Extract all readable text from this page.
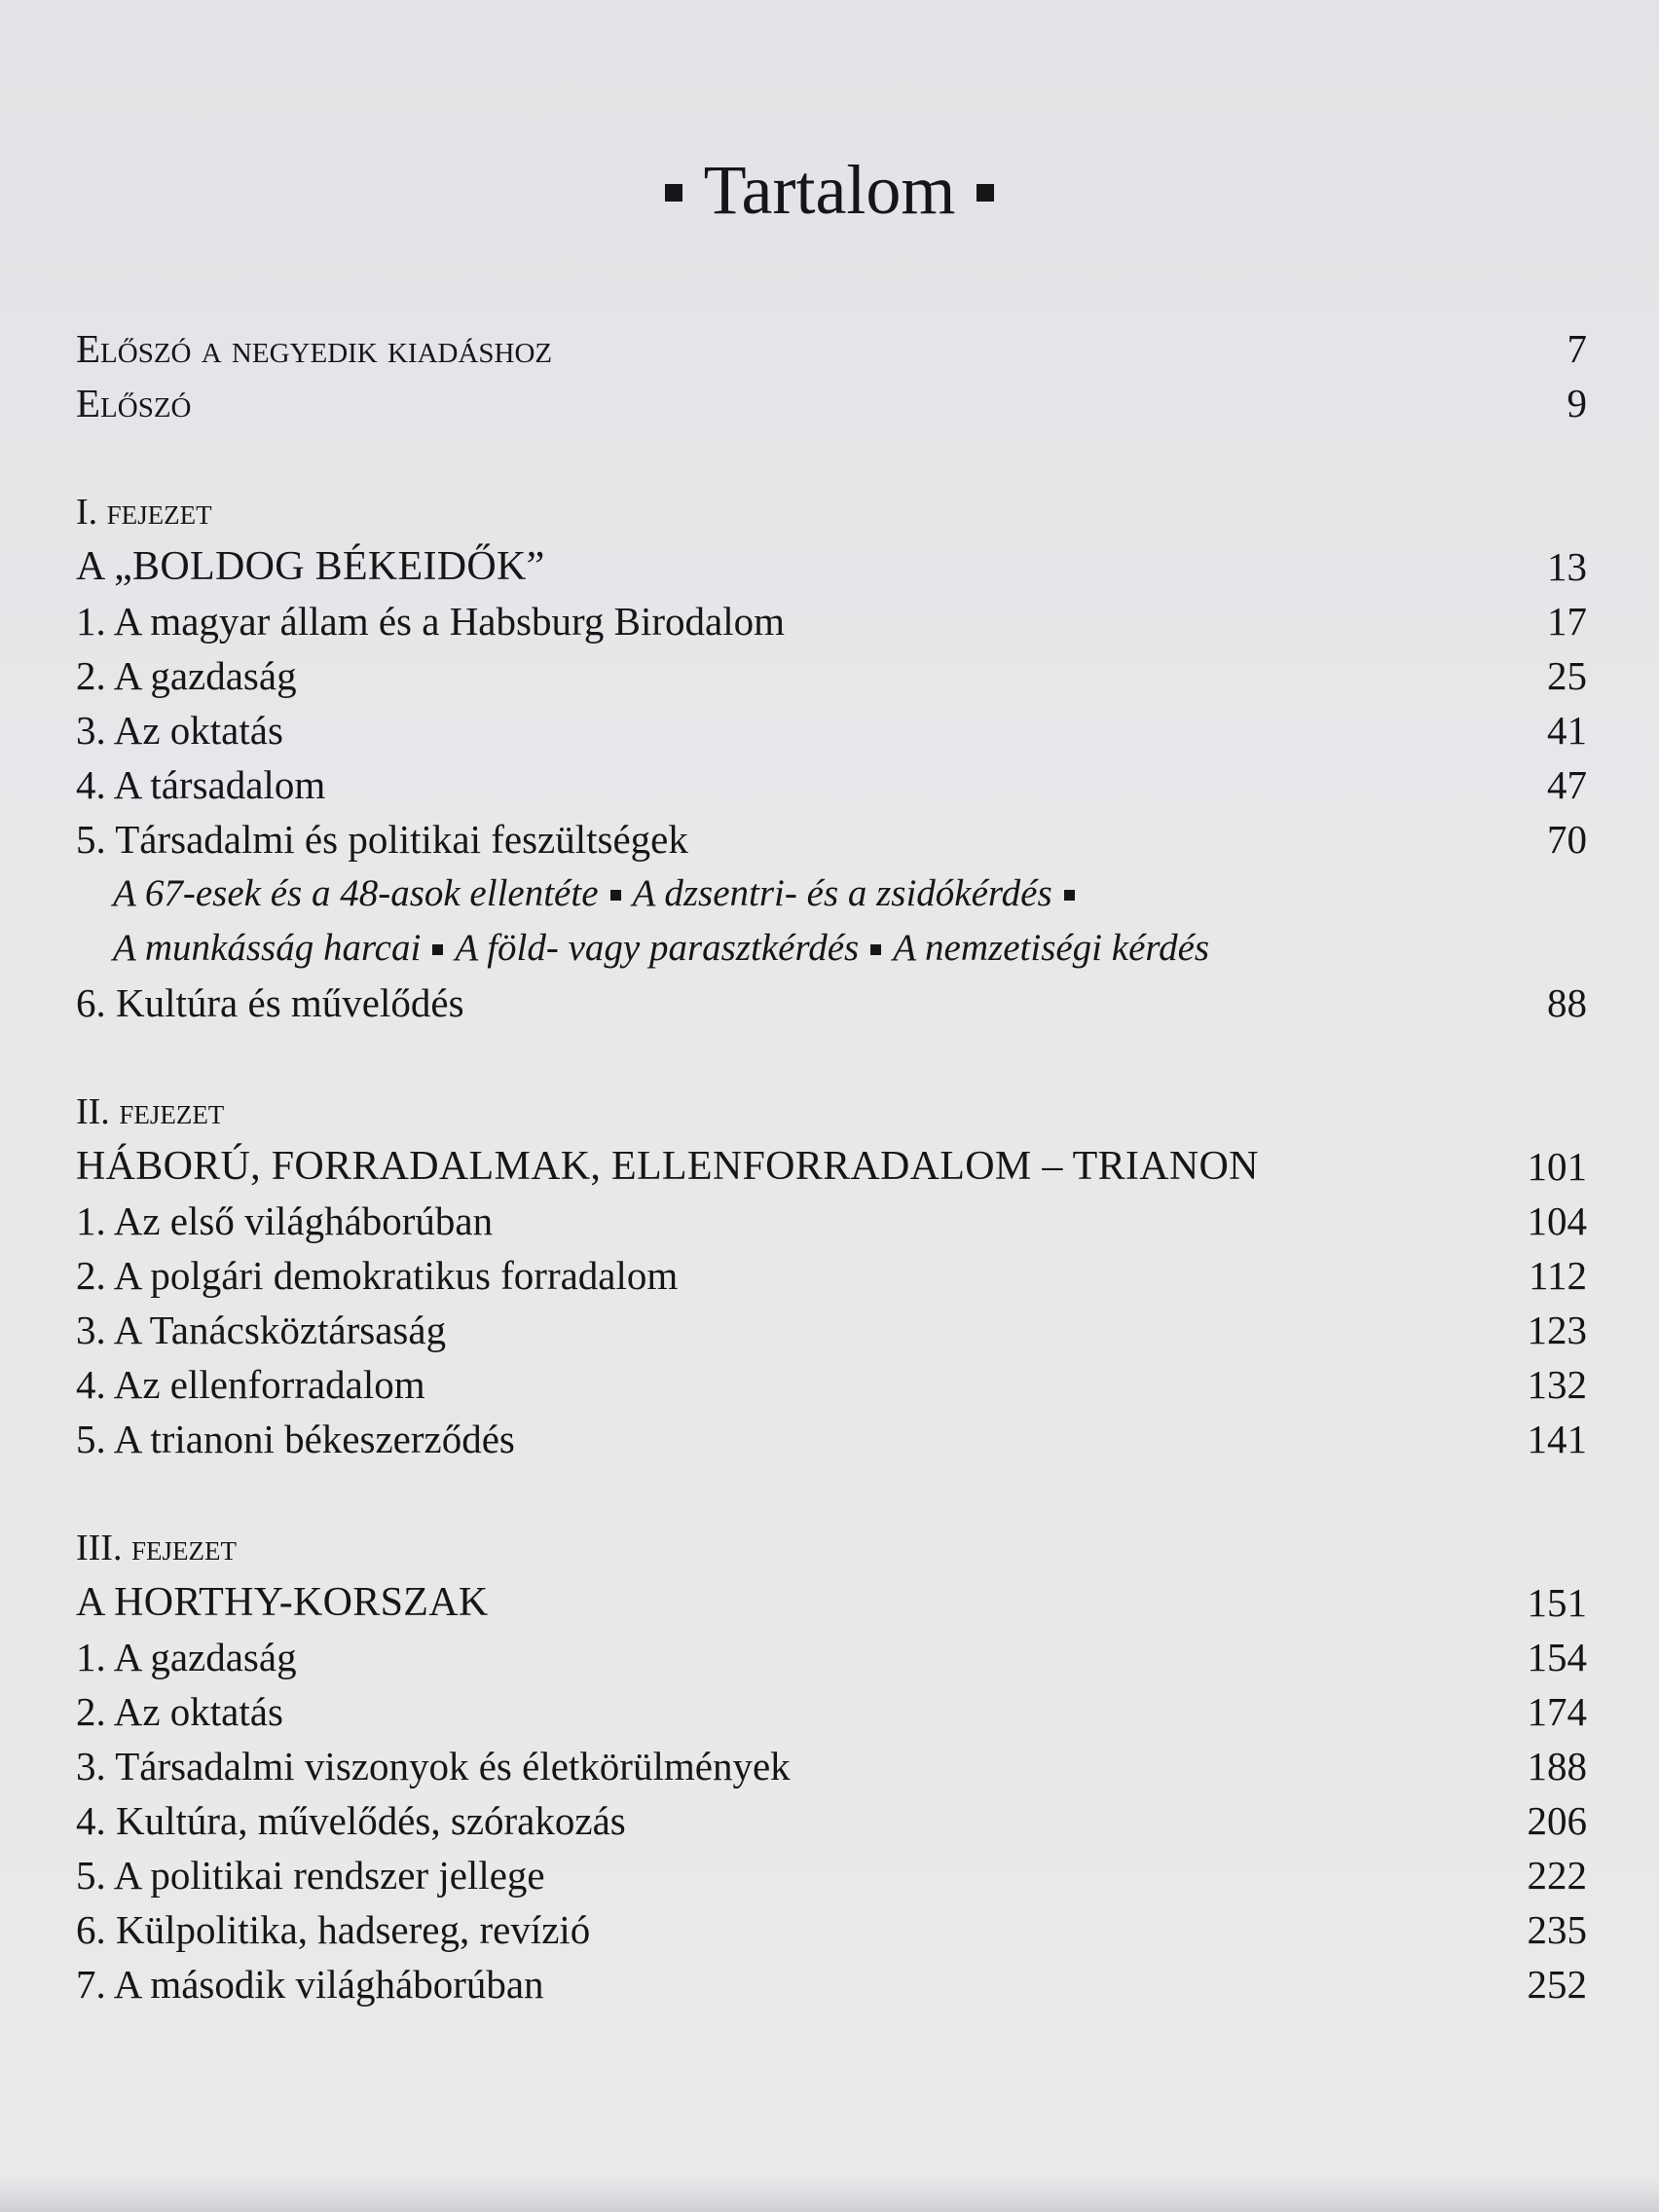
Tartalom
Előszó a negyedik kiadáshoz	7
Előszó	9
I. fejezet
A „BOLDOG BÉKEIDŐK”	13
1. A magyar állam és a Habsburg Birodalom	17
2. A gazdaság	25
3. Az oktatás	41
4. A társadalom	47
5. Társadalmi és politikai feszültségek	70
A 67-esek és a 48-asok ellentéte A dzsentri- és a zsidókérdés
A munkásság harcai A föld- vagy parasztkérdés A nemzetiségi kérdés
6. Kultúra és művelődés	88
II. fejezet
HÁBORÚ, FORRADALMAK, ELLENFORRADALOM – TRIANON	101
1. Az első világháborúban	104
2. A polgári demokratikus forradalom	112
3. A Tanácsköztársaság	123
4. Az ellenforradalom	132
5. A trianoni békeszerződés	141
III. fejezet
A HORTHY-KORSZAK	151
1. A gazdaság	154
2. Az oktatás	174
3. Társadalmi viszonyok és életkörülmények	188
4. Kultúra, művelődés, szórakozás	206
5. A politikai rendszer jellege	222
6. Külpolitika, hadsereg, revízió	235
7. A második világháborúban	252
